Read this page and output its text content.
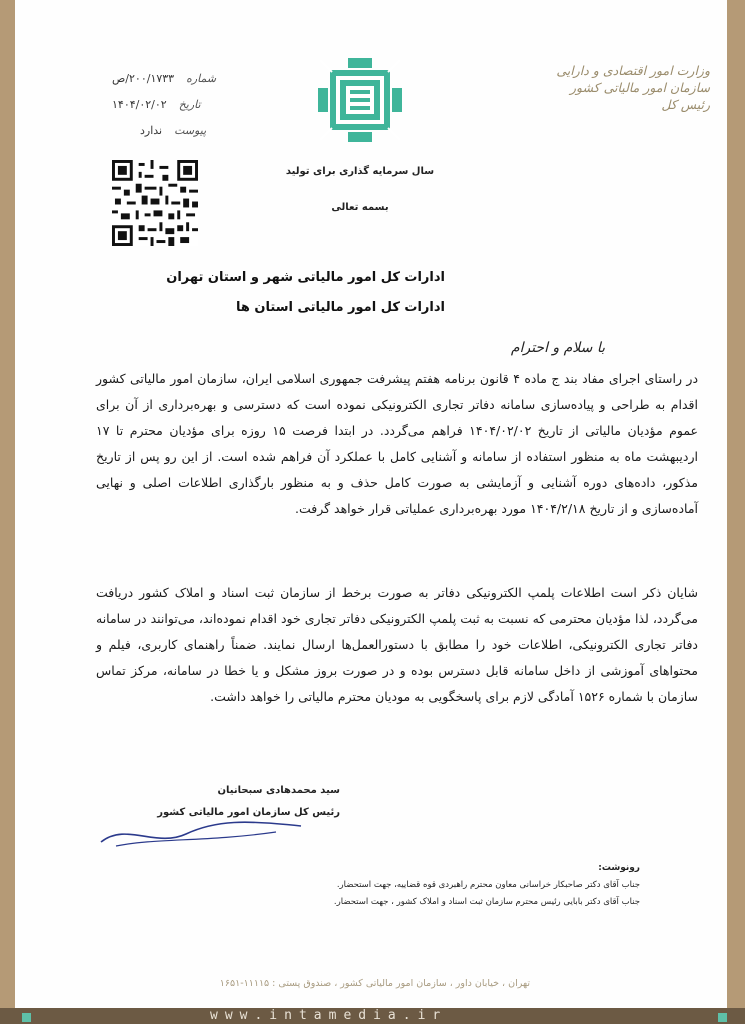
وزارت امور اقتصادی و دارایی
سازمان امور مالیاتی کشور
رئیس کل
شماره
۲۰۰/۱۷۳۳/ص
تاریخ
۱۴۰۴/۰۲/۰۲
پیوست
ندارد
سال سرمایه گذاری برای تولید
بسمه تعالی
ادارات کل امور مالیاتی شهر و استان تهران
ادارات کل امور مالیاتی استان ها
با سلام و احترام

در راستای اجرای مفاد بند ج ماده ۴ قانون برنامه هفتم پیشرفت جمهوری اسلامی ایران، سازمان امور مالیاتی کشور اقدام به طراحی و پیاده‌سازی سامانه دفاتر تجاری الکترونیکی نموده است که دسترسی و بهره‌برداری از آن برای عموم مؤدیان مالیاتی از تاریخ ۱۴۰۴/۰۲/۰۲ فراهم می‌گردد. در ابتدا فرصت ۱۵ روزه برای مؤدیان محترم تا ۱۷ اردیبهشت ماه به منظور استفاده از سامانه و آشنایی کامل با عملکرد آن فراهم شده است. از این رو پس از تاریخ مذکور، داده‌های دوره آشنایی و آزمایشی به صورت کامل حذف و به منظور بارگذاری اطلاعات اصلی و نهایی آماده‌سازی و از تاریخ ۱۴۰۴/۲/۱۸ مورد بهره‌برداری عملیاتی قرار خواهد گرفت.

شایان ذکر است اطلاعات پلمپ الکترونیکی دفاتر به صورت برخط از سازمان ثبت اسناد و املاک کشور دریافت می‌گردد، لذا مؤدیان محترمی که نسبت به ثبت پلمپ الکترونیکی دفاتر تجاری خود اقدام نموده‌اند، می‌توانند در سامانه دفاتر تجاری الکترونیکی، اطلاعات خود را مطابق با دستورالعمل‌ها ارسال نمایند. ضمناً راهنمای کاربری، فیلم و محتواهای آموزشی از داخل سامانه قابل دسترس بوده و در صورت بروز مشکل و یا خطا در سامانه، مرکز تماس سازمان با شماره ۱۵۲۶ آمادگی لازم برای پاسخگویی به مودیان محترم مالیاتی را خواهد داشت.

سید محمدهادی سبحانیان
رئیس کل سازمان امور مالیاتی کشور
رونوشت:
جناب آقای دکتر صاحبکار خراسانی معاون محترم راهبردی قوه قضاییه، جهت استحضار.
جناب آقای دکتر بابایی رئیس محترم سازمان ثبت اسناد و املاک کشور ، جهت استحضار.
تهران ، خیابان داور ، سازمان امور مالیاتی کشور ، صندوق پستی : ۱۱۱۱۵-۱۶۵۱
www.intamedia.ir
